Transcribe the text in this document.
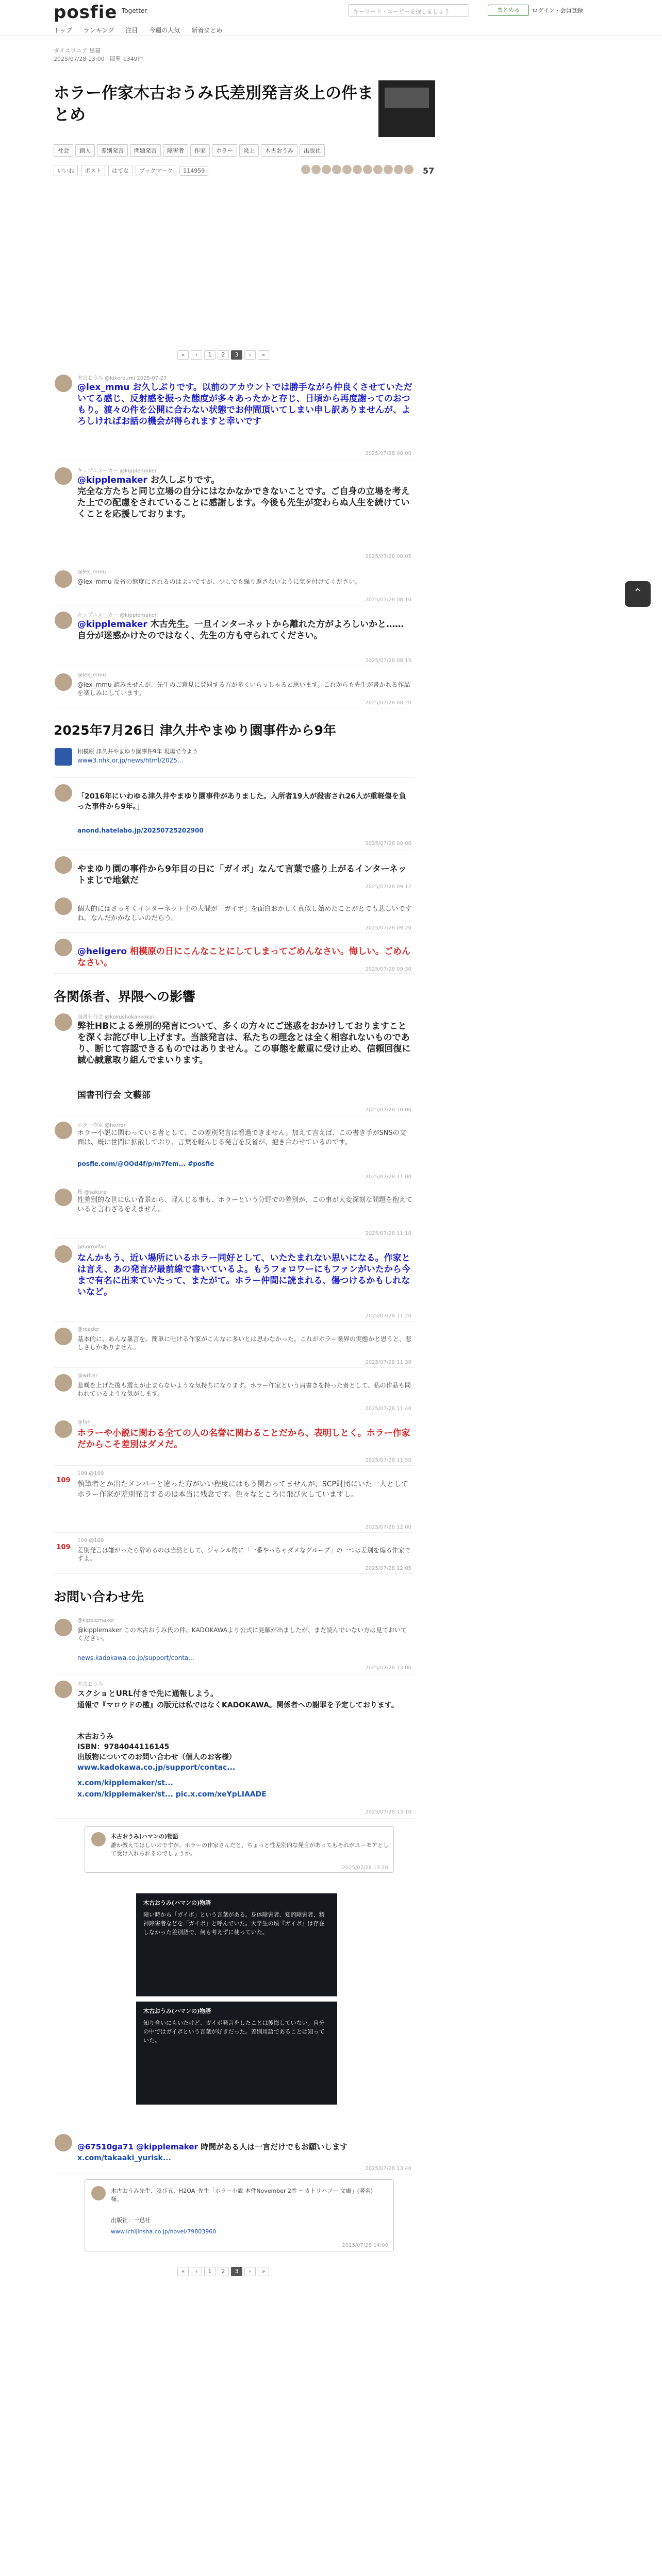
posfie Togetter	キーワード・ユーザーを探しましょう	まとめる	ログイン・会員登録
トップ ランキング 注目 今週の人気 新着まとめ
ダイスワニア 黒猫
2025/07/28 13:00 · 閲覧 1349件
ホラー作家木古おうみ氏差別発言炎上の件まとめ
社会	創人	差別発言	問題発言	障害者	作家	ホラー	炎上	木古おうみ	出版社
いいね	ポスト	はてな	ブックマーク	114959	57
«	‹	1	2	3	›	»
木古おうみ @kikoroumi 2025-07-27
@lex_mmu お久しぶりです。以前のアカウントでは勝手ながら仲良くさせていただいてる感じ、反射感を振った態度が多々あったかと存じ、日頃から再度謝ってのおつもり。渡々の件を公開に合わない状態でお仲間頂いてしまい申し訳ありませんが、よろしければお話の機会が得られますと幸いです
2025/07/28 08:00
キップルメーカー @kipplemaker
@kipplemaker お久しぶりです。
完全な方たちと同じ立場の自分にはなかなかできないことです。ご自身の立場を考えた上での配慮をされていることに感謝します。今後も先生が変わらぬ人生を続けていくことを応援しております。
2025/07/28 08:05
@lex_mmu
@lex_mmu 反省の態度にされるのはよいですが、少しでも繰り返さないように気を付けてください。
2025/07/28 08:10
キップルメーカー @kipplemaker
@kipplemaker 木古先生。一旦インターネットから離れた方がよろしいかと……自分が迷惑かけたのではなく、先生の方も守られてください。
2025/07/28 08:15
@lex_mmu
@lex_mmu 読みませんが、先生のご意見に賛同する方が多くいらっしゃると思います。これからも先生が書かれる作品を楽しみにしています。
2025/07/28 08:20
2025年7月26日 津久井やまゆり園事件から9年
相模原 津久井やまゆり園事件9年 現場で今よう
www3.nhk.or.jp/news/html/2025...
「2016年にいわゆる津久井やまゆり園事件がありました。入所者19人が殺害され26人が重軽傷を負った事件から9年。」
anond.hatelabo.jp/20250725202900
2025/07/28 09:00
やまゆり園の事件から9年目の日に「ガイボ」なんて言葉で盛り上がるインターネットまじで地獄だ
2025/07/28 09:12
個人的にはさっそくインターネット上の人間が「ガイボ」を面白おかしく真似し始めたことがとても悲しいですね。なんだかかなしいのだらう。
2025/07/28 09:20
@heligero 相模原の日にこんなことにしてしまってごめんなさい。悔しい。ごめんなさい。
2025/07/28 09:30
各関係者、界隈への影響
国書刊行会 @kokushokankokai
弊社HBによる差別的発言について、多くの方々にご迷惑をおかけしておりますことを深くお詫び申し上げます。当該発言は、私たちの理念とは全く相容れないものであり、断じて容認できるものではありません。この事態を厳重に受け止め、信頼回復に誠心誠意取り組んでまいります。
国書刊行会 文藝部
2025/07/28 10:00
ホラー作家 @horror
ホラー小説に関わっている者として、この差別発言は看過できません。加えて言えば、この書き手がSNSの文面は、既に世間に拡散しており、言葉を軽んじる発言を反省が、抱き合わせているのです。
posfie.com/@OOd4f/p/m7fem... #posfie
2025/07/28 11:00
桜 @sakura
性差別的な世に広い背景から、軽んじる事も、ホラーという分野での差別が、この事が大変深刻な問題を抱えていると言わざるをえません。
2025/07/28 11:10
@horrorfan
なんかもう、近い場所にいるホラー同好として、いたたまれない思いになる。作家とは言え、あの発言が最前線で書いているよ。もうフォロワーにもファンがいたから今まで有名に出来ていたって、またがて。ホラー仲間に読まれる、傷つけるかもしれないなど。
2025/07/28 11:20
@reader
基本的に、あんな暴言を、簡単に吐ける作家がこんなに多いとは思わなかった。これがホラー業界の実態かと思うと、悲しさしかありません。
2025/07/28 11:30
@writer
悲嘆を上げた後も震えが止まらないような気持ちになります。ホラー作家という肩書きを持った者として、私の作品も問われているような気がします。
2025/07/28 11:40
@fan
ホラーや小説に関わる全ての人の名誉に関わることだから、表明しとく。ホラー作家だからこそ差別はダメだ。
2025/07/28 11:50
109
109 @109
執筆者とか出たメンバーと違った方がいい程度にはもう関わってませんが、SCP財団にいた一人としてホラー作家が差別発言するのは本当に残念です。色々なところに飛び火していますし。
2025/07/28 12:00
109
109 @109
差別発言は嫌がったら辞めるのは当然として、ジャンル的に「一番やっちゃダメなグループ」の一つは差別を煽る作家ですよ。
2025/07/28 12:05
お問い合わせ先
@kipplemaker
@kipplemaker この木古おうみ氏の件、KADOKAWAより公式に見解が出ましたが、まだ読んでいない方は見ておいてください。
news.kadokawa.co.jp/support/conta...
2025/07/28 13:00
木古おうみ
スクショとURL付きで先に通報しよう。
通報で『マロウドの檻』の版元は私ではなくKADOKAWA。関係者への謝罪を予定しております。
木古おうみ
ISBN：9784044116145
出版物についてのお問い合わせ（個人のお客様）
www.kadokawa.co.jp/support/contac...
x.com/kipplemaker/st...
x.com/kipplemaker/st... pic.x.com/xeYpLIAADE
2025/07/28 13:10
木古おうみ(ハマンの)物語
誰か教えてほしいのですが、ホラーの作家さんだと、ちょっと性差別的な発言があってもそれがユーモアとして受け入れられるのでしょうか。
2025/07/28 13:20
木古おうみ(ハマンの)物語
障い時から「ガイボ」という言葉がある。身体障害者、知的障害者、精神障害者などを「ガイボ」と呼んでいた。大学生の頃『ガイボ』は存在しなかった差別語で、何も考えずに使っていた。
木古おうみ(ハマンの)物語
知り合いにもいたけど、ガイボ発言をしたことは後悔していない。自分の中ではガイボという言葉が好きだった。差別用語であることは知っていた。
@67510ga71 @kipplemaker 時間がある人は一言だけでもお願いします
x.com/takaaki_yurisk...
2025/07/28 13:40
木古おうみ先生、及び五、H2OA_先生「ホラー小説 本件November 2巻 〜カトリハゴー 文庫」(著名)様。
出版社：一迅社
www.ichijinsha.co.jp/novel/79803960
2025/07/28 14:00
«	‹	1	2	3	›	»
⌃
